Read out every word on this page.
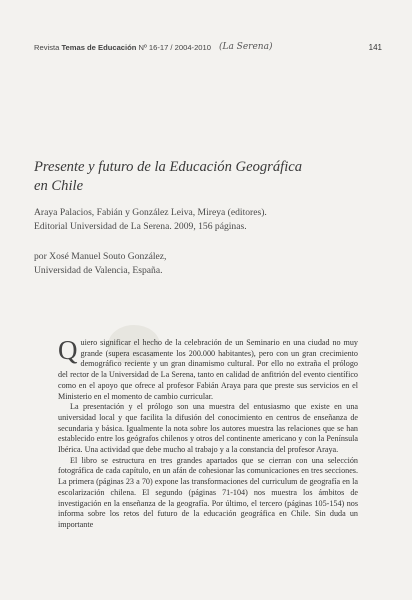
Revista Temas de Educación Nº 16-17 / 2004-2010 (La Serena)	141
Presente y futuro de la Educación Geográfica
en Chile
Araya Palacios, Fabián y González Leiva, Mireya (editores).
Editorial Universidad de La Serena. 2009, 156 páginas.
por Xosé Manuel Souto González,
Universidad de Valencia, España.

Quiero significar el hecho de la celebración de un Seminario en una ciudad no muy grande (supera escasamente los 200.000 habitantes), pero con un gran crecimiento demográfico reciente y un gran dinamismo cultural. Por ello no extraña el prólogo del rector de la Universidad de La Serena, tanto en calidad de anfitrión del evento científico como en el apoyo que ofrece al profesor Fabián Araya para que preste sus servicios en el Ministerio en el momento de cambio curricular.

La presentación y el prólogo son una muestra del entusiasmo que existe en una universidad local y que facilita la difusión del conocimiento en centros de enseñanza de secundaria y básica. Igualmente la nota sobre los autores muestra las relaciones que se han establecido entre los geógrafos chilenos y otros del continente americano y con la Península Ibérica. Una actividad que debe mucho al trabajo y a la constancia del profesor Araya.

El libro se estructura en tres grandes apartados que se cierran con una selección fotográfica de cada capítulo, en un afán de cohesionar las comunicaciones en tres secciones. La primera (páginas 23 a 70) expone las transformaciones del curriculum de geografía en la escolarización chilena. El segundo (páginas 71-104) nos muestra los ámbitos de investigación en la enseñanza de la geografía. Por último, el tercero (páginas 105-154) nos informa sobre los retos del futuro de la educación geográfica en Chile. Sin duda un importante
